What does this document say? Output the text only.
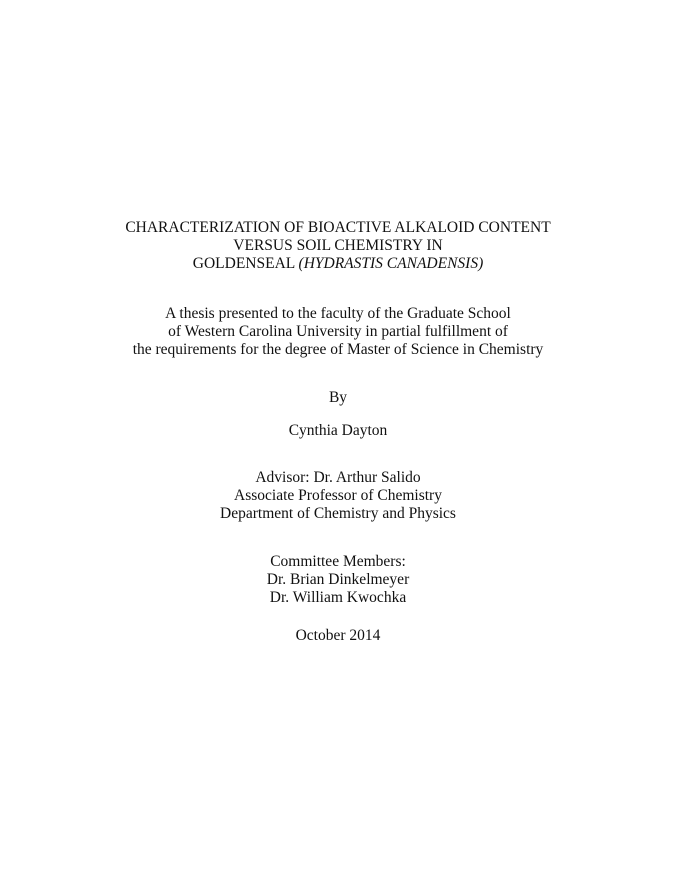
CHARACTERIZATION OF BIOACTIVE ALKALOID CONTENT
VERSUS SOIL CHEMISTRY IN
GOLDENSEAL (HYDRASTIS CANADENSIS)
A thesis presented to the faculty of the Graduate School
of Western Carolina University in partial fulfillment of
the requirements for the degree of Master of Science in Chemistry
By
Cynthia Dayton
Advisor: Dr. Arthur Salido
Associate Professor of Chemistry
Department of Chemistry and Physics
Committee Members:
Dr. Brian Dinkelmeyer
Dr. William Kwochka
October 2014
